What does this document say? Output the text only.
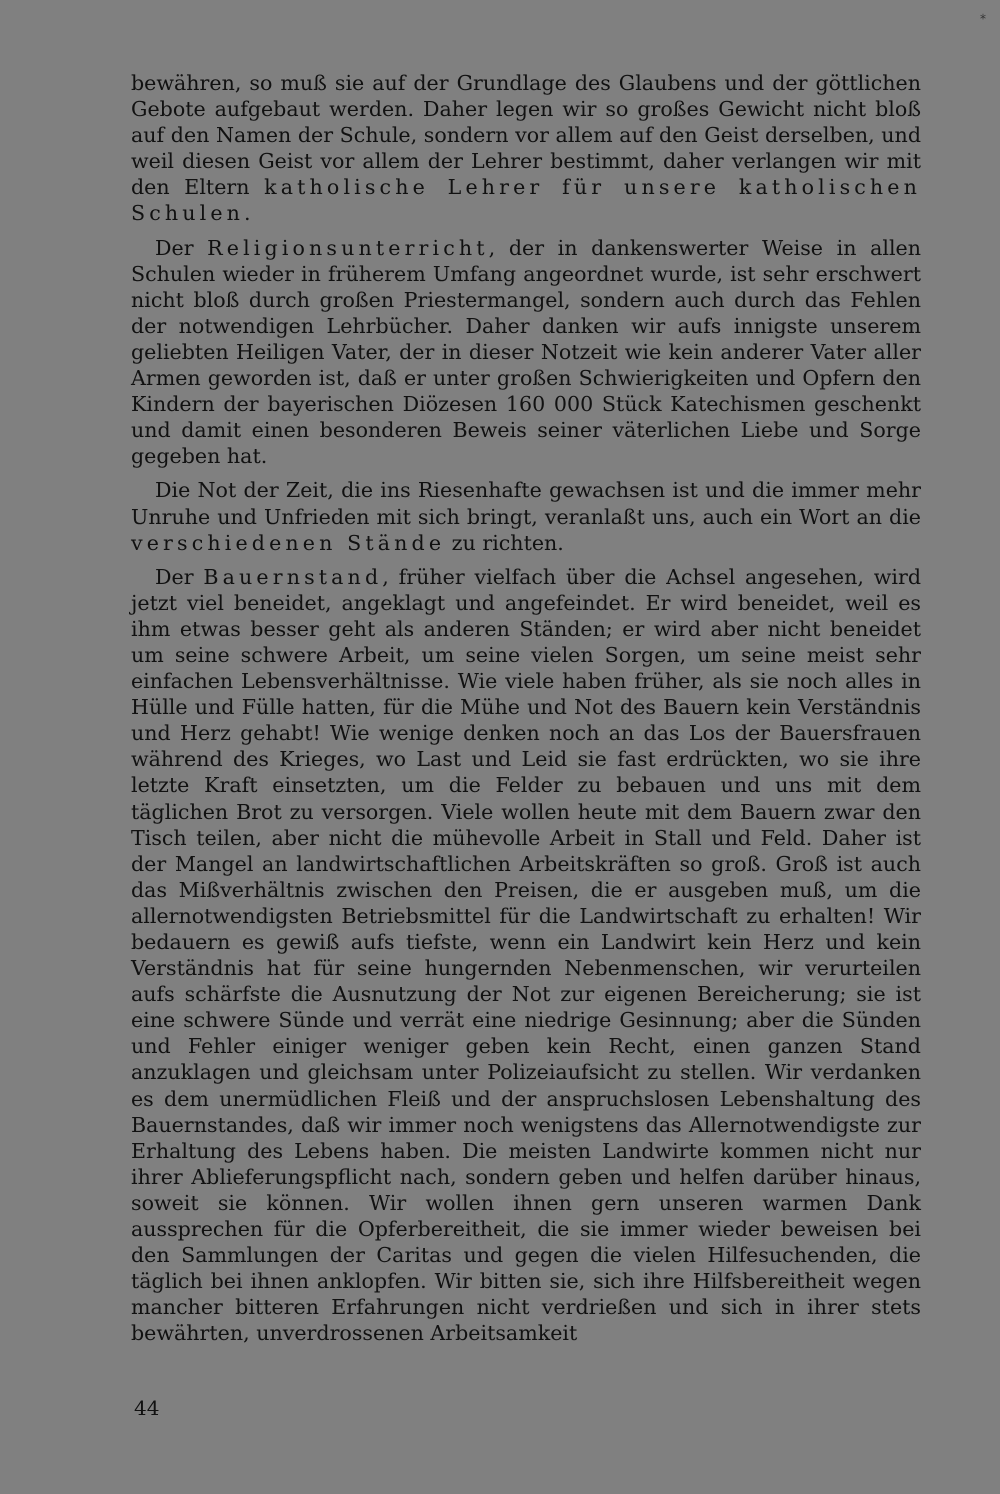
⁎

bewähren, so muß sie auf der Grundlage des Glaubens und der göttlichen Gebote aufgebaut werden. Daher legen wir so großes Gewicht nicht bloß auf den Namen der Schule, sondern vor allem auf den Geist derselben, und weil diesen Geist vor allem der Lehrer bestimmt, daher verlangen wir mit den Eltern katholische Lehrer für unsere katholischen Schulen.

Der Religionsunterricht, der in dankenswerter Weise in allen Schulen wieder in früherem Umfang angeordnet wurde, ist sehr erschwert nicht bloß durch großen Priestermangel, sondern auch durch das Fehlen der notwendigen Lehrbücher. Daher danken wir aufs innigste unserem geliebten Heiligen Vater, der in dieser Notzeit wie kein anderer Vater aller Armen geworden ist, daß er unter großen Schwierigkeiten und Opfern den Kindern der bayerischen Diözesen 160 000 Stück Katechismen geschenkt und damit einen besonderen Beweis seiner väterlichen Liebe und Sorge gegeben hat.

Die Not der Zeit, die ins Riesenhafte gewachsen ist und die immer mehr Unruhe und Unfrieden mit sich bringt, veranlaßt uns, auch ein Wort an die verschiedenen Stände zu richten.

Der Bauernstand, früher vielfach über die Achsel angesehen, wird jetzt viel beneidet, angeklagt und angefeindet. Er wird beneidet, weil es ihm etwas besser geht als anderen Ständen; er wird aber nicht beneidet um seine schwere Arbeit, um seine vielen Sorgen, um seine meist sehr einfachen Lebensverhältnisse. Wie viele haben früher, als sie noch alles in Hülle und Fülle hatten, für die Mühe und Not des Bauern kein Verständnis und Herz gehabt! Wie wenige denken noch an das Los der Bauersfrauen während des Krieges, wo Last und Leid sie fast erdrückten, wo sie ihre letzte Kraft einsetzten, um die Felder zu bebauen und uns mit dem täglichen Brot zu versorgen. Viele wollen heute mit dem Bauern zwar den Tisch teilen, aber nicht die mühevolle Arbeit in Stall und Feld. Daher ist der Mangel an landwirtschaftlichen Arbeitskräften so groß. Groß ist auch das Mißverhältnis zwischen den Preisen, die er ausgeben muß, um die allernotwendigsten Betriebsmittel für die Landwirtschaft zu erhalten! Wir bedauern es gewiß aufs tiefste, wenn ein Landwirt kein Herz und kein Verständnis hat für seine hungernden Nebenmenschen, wir verurteilen aufs schärfste die Ausnutzung der Not zur eigenen Bereicherung; sie ist eine schwere Sünde und verrät eine niedrige Gesinnung; aber die Sünden und Fehler einiger weniger geben kein Recht, einen ganzen Stand anzuklagen und gleichsam unter Polizeiaufsicht zu stellen. Wir verdanken es dem unermüdlichen Fleiß und der anspruchslosen Lebenshaltung des Bauernstandes, daß wir immer noch wenigstens das Allernotwendigste zur Erhaltung des Lebens haben. Die meisten Landwirte kommen nicht nur ihrer Ablieferungspflicht nach, sondern geben und helfen darüber hinaus, soweit sie können. Wir wollen ihnen gern unseren warmen Dank aussprechen für die Opferbereitheit, die sie immer wieder beweisen bei den Sammlungen der Caritas und gegen die vielen Hilfesuchenden, die täglich bei ihnen anklopfen. Wir bitten sie, sich ihre Hilfsbereitheit wegen mancher bitteren Erfahrungen nicht verdrießen und sich in ihrer stets bewährten, unverdrossenen Arbeitsamkeit

44
